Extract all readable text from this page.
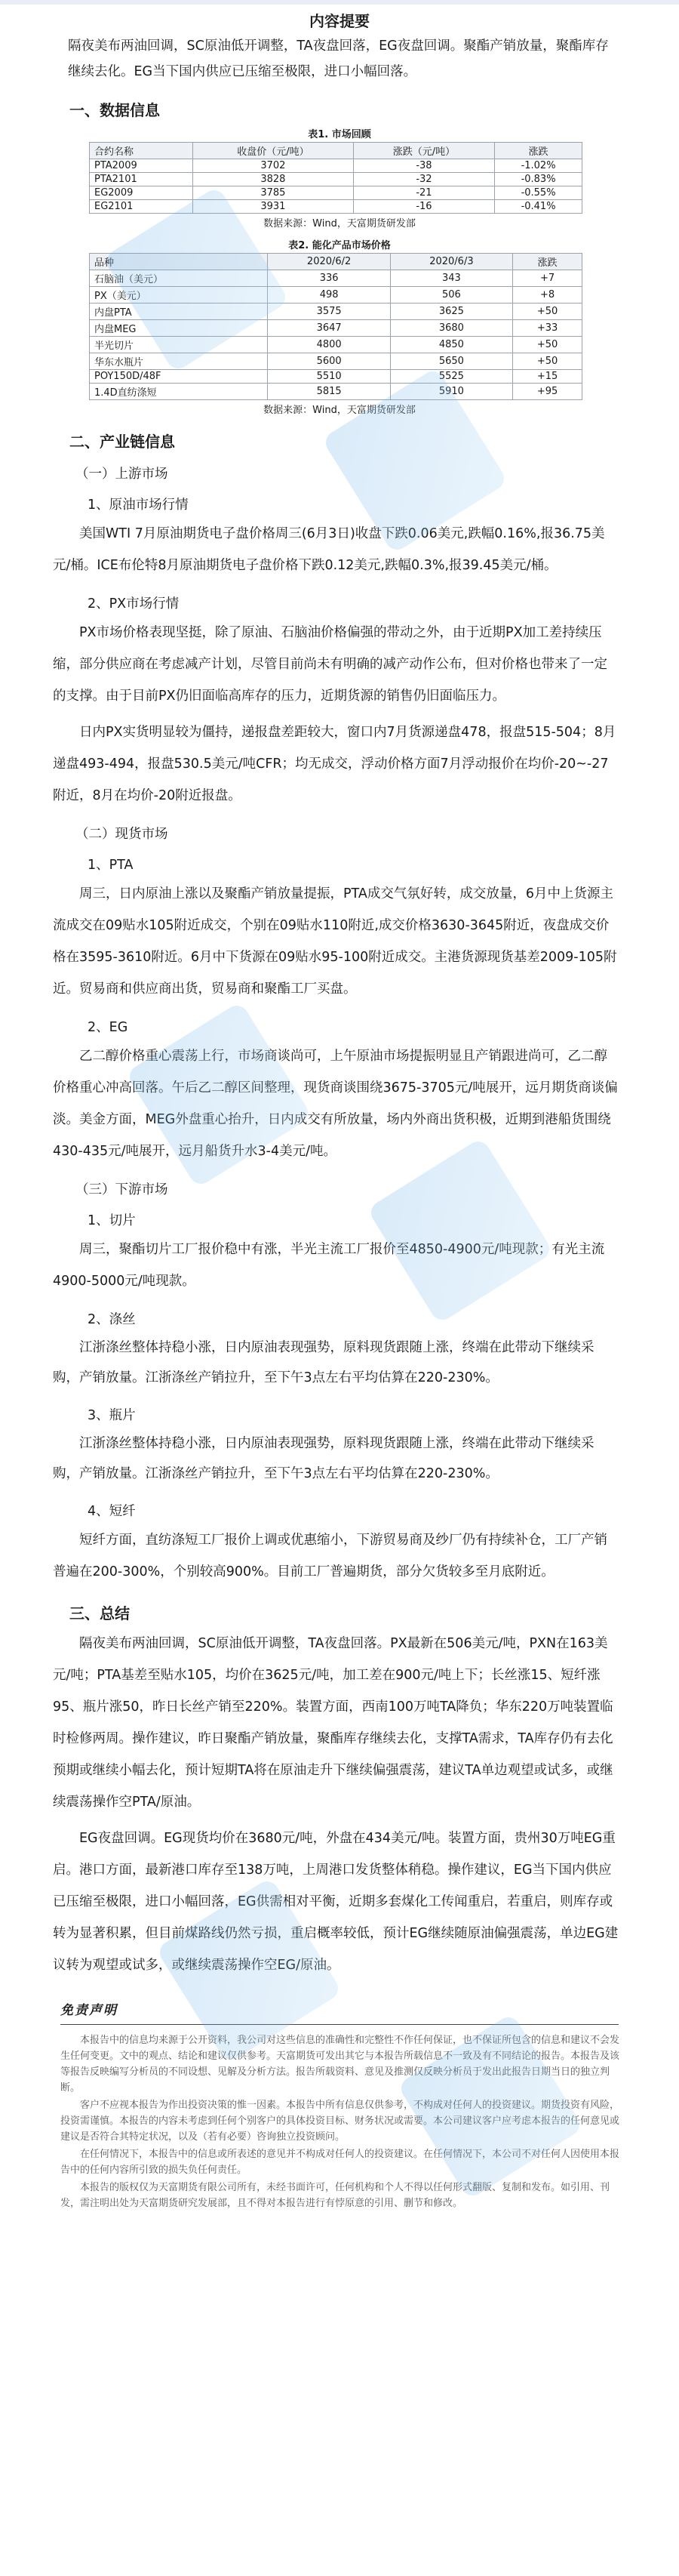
内容提要

隔夜美布两油回调，SC原油低开调整，TA夜盘回落，EG夜盘回调。聚酯产销放量，聚酯库存继续去化。EG当下国内供应已压缩至极限，进口小幅回落。

一、数据信息
表1. 市场回顾
合约名称	收盘价（元/吨）	涨跌（元/吨）	涨跌
PTA2009	3702	-38	-1.02%
PTA2101	3828	-32	-0.83%
EG2009	3785	-21	-0.55%
EG2101	3931	-16	-0.41%
数据来源：Wind，天富期货研发部
表2. 能化产品市场价格
品种	2020/6/2	2020/6/3	涨跌
石脑油（美元）	336	343	+7
PX（美元）	498	506	+8
内盘PTA	3575	3625	+50
内盘MEG	3647	3680	+33
半光切片	4800	4850	+50
华东水瓶片	5600	5650	+50
POY150D/48F	5510	5525	+15
1.4D直纺涤短	5815	5910	+95
数据来源：Wind，天富期货研发部
二、产业链信息
（一）上游市场
1、原油市场行情

美国WTI 7月原油期货电子盘价格周三(6月3日)收盘下跌0.06美元,跌幅0.16%,报36.75美元/桶。ICE布伦特8月原油期货电子盘价格下跌0.12美元,跌幅0.3%,报39.45美元/桶。

2、PX市场行情

PX市场价格表现坚挺，除了原油、石脑油价格偏强的带动之外，由于近期PX加工差持续压缩，部分供应商在考虑减产计划，尽管目前尚未有明确的减产动作公布，但对价格也带来了一定的支撑。由于目前PX仍旧面临高库存的压力，近期货源的销售仍旧面临压力。

日内PX实货明显较为僵持，递报盘差距较大，窗口内7月货源递盘478，报盘515-504；8月递盘493-494，报盘530.5美元/吨CFR；均无成交，浮动价格方面7月浮动报价在均价-20~-27附近，8月在均价-20附近报盘。

（二）现货市场
1、PTA

周三，日内原油上涨以及聚酯产销放量提振，PTA成交气氛好转，成交放量，6月中上货源主流成交在09贴水105附近成交，个别在09贴水110附近,成交价格3630-3645附近，夜盘成交价格在3595-3610附近。6月中下货源在09贴水95-100附近成交。主港货源现货基差2009-105附近。贸易商和供应商出货，贸易商和聚酯工厂买盘。

2、EG

乙二醇价格重心震荡上行，市场商谈尚可，上午原油市场提振明显且产销跟进尚可，乙二醇价格重心冲高回落。午后乙二醇区间整理，现货商谈围绕3675-3705元/吨展开，远月期货商谈偏淡。美金方面，MEG外盘重心抬升，日内成交有所放量，场内外商出货积极，近期到港船货围绕430-435元/吨展开，远月船货升水3-4美元/吨。

（三）下游市场
1、切片

周三，聚酯切片工厂报价稳中有涨，半光主流工厂报价至4850-4900元/吨现款；有光主流4900-5000元/吨现款。

2、涤丝

江浙涤丝整体持稳小涨，日内原油表现强势，原料现货跟随上涨，终端在此带动下继续采购，产销放量。江浙涤丝产销拉升，至下午3点左右平均估算在220-230%。

3、瓶片

江浙涤丝整体持稳小涨，日内原油表现强势，原料现货跟随上涨，终端在此带动下继续采购，产销放量。江浙涤丝产销拉升，至下午3点左右平均估算在220-230%。

4、短纤

短纤方面，直纺涤短工厂报价上调或优惠缩小，下游贸易商及纱厂仍有持续补仓，工厂产销普遍在200-300%，个别较高900%。目前工厂普遍期货，部分欠货较多至月底附近。

三、总结

隔夜美布两油回调，SC原油低开调整，TA夜盘回落。PX最新在506美元/吨，PXN在163美元/吨；PTA基差至贴水105，均价在3625元/吨，加工差在900元/吨上下；长丝涨15、短纤涨95、瓶片涨50，昨日长丝产销至220%。装置方面，西南100万吨TA降负；华东220万吨装置临时检修两周。操作建议，昨日聚酯产销放量，聚酯库存继续去化，支撑TA需求，TA库存仍有去化预期或继续小幅去化，预计短期TA将在原油走升下继续偏强震荡，建议TA单边观望或试多，或继续震荡操作空PTA/原油。

EG夜盘回调。EG现货均价在3680元/吨，外盘在434美元/吨。装置方面，贵州30万吨EG重启。港口方面，最新港口库存至138万吨，上周港口发货整体稍稳。操作建议，EG当下国内供应已压缩至极限，进口小幅回落，EG供需相对平衡，近期多套煤化工传闻重启，若重启，则库存或转为显著积累，但目前煤路线仍然亏损，重启概率较低，预计EG继续随原油偏强震荡，单边EG建议转为观望或试多，或继续震荡操作空EG/原油。

免责声明

本报告中的信息均来源于公开资料，我公司对这些信息的准确性和完整性不作任何保证，也不保证所包含的信息和建议不会发生任何变更。文中的观点、结论和建议仅供参考。天富期货可发出其它与本报告所载信息不一致及有不同结论的报告。本报告及该等报告反映编写分析员的不同设想、见解及分析方法。报告所载资料、意见及推测仅反映分析员于发出此报告日期当日的独立判断。

客户不应视本报告为作出投资决策的惟一因素。本报告中所有信息仅供参考，不构成对任何人的投资建议。期货投资有风险，投资需谨慎。本报告的内容未考虑到任何个别客户的具体投资目标、财务状况或需要。本公司建议客户应考虑本报告的任何意见或建议是否符合其特定状况，以及（若有必要）咨询独立投资顾问。

在任何情况下，本报告中的信息或所表述的意见并不构成对任何人的投资建议。在任何情况下，本公司不对任何人因使用本报告中的任何内容所引致的损失负任何责任。

本报告的版权仅为天富期货有限公司所有，未经书面许可，任何机构和个人不得以任何形式翻版、复制和发布。如引用、刊发，需注明出处为天富期货研究发展部，且不得对本报告进行有悖原意的引用、删节和修改。
